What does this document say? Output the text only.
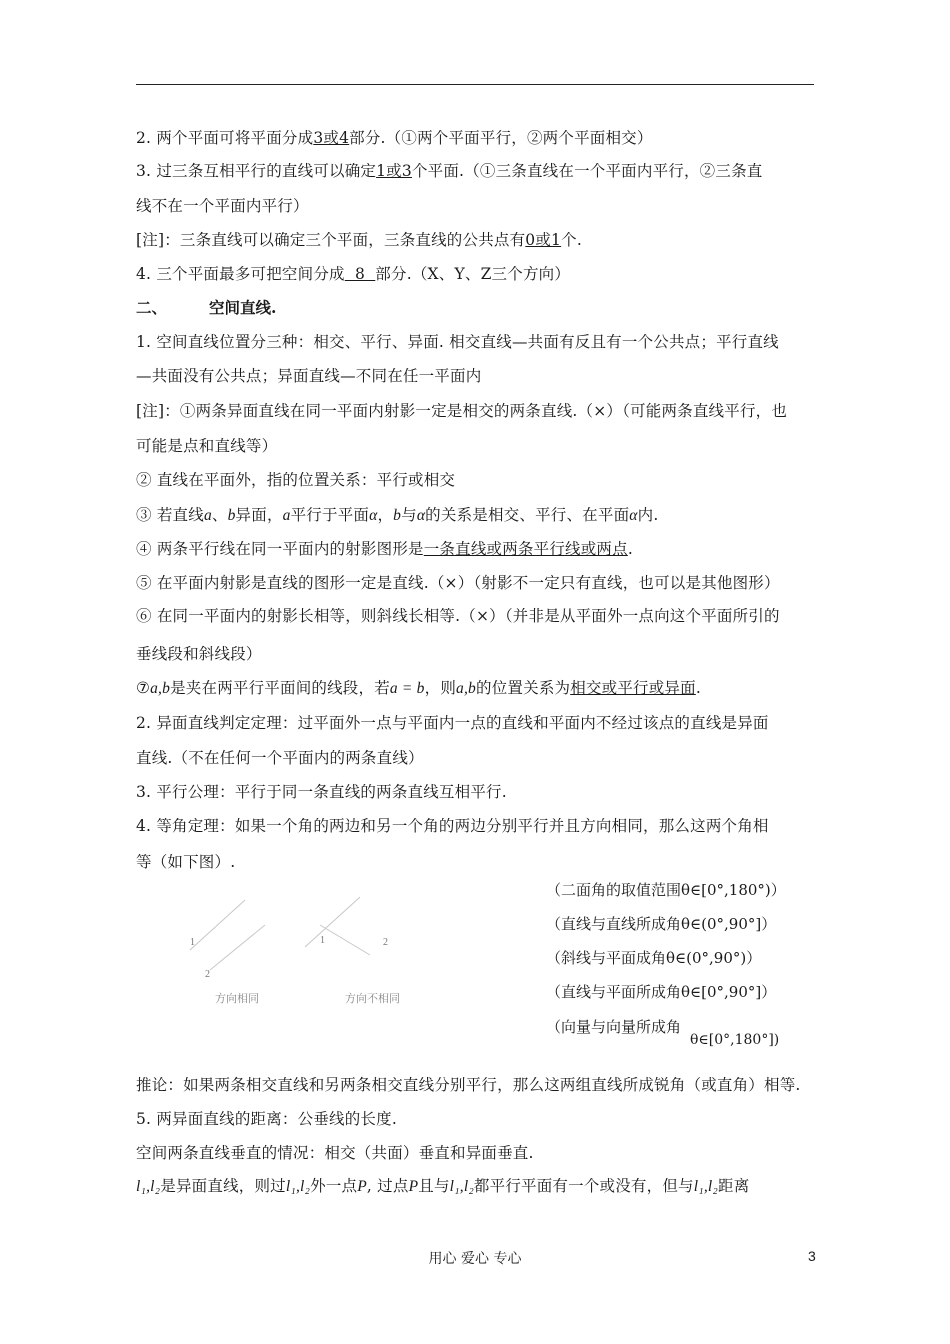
2. 两个平面可将平面分成3或4部分.（①两个平面平行，②两个平面相交）
3. 过三条互相平行的直线可以确定1或3个平面.（①三条直线在一个平面内平行，②三条直
线不在一个平面内平行）
[注]：三条直线可以确定三个平面，三条直线的公共点有0或1个.
4. 三个平面最多可把空间分成  8  部分.（X、Y、Z三个方向）
二、	空间直线.
1. 空间直线位置分三种：相交、平行、异面. 相交直线—共面有反且有一个公共点；平行直线
—共面没有公共点；异面直线—不同在任一平面内
[注]：①两条异面直线在同一平面内射影一定是相交的两条直线.（×）（可能两条直线平行，也
可能是点和直线等）
② 直线在平面外，指的位置关系：平行或相交
③ 若直线a、b异面，a平行于平面α，b与α的关系是相交、平行、在平面α内.
④ 两条平行线在同一平面内的射影图形是一条直线或两条平行线或两点.
⑤ 在平面内射影是直线的图形一定是直线.（×）（射影不一定只有直线，也可以是其他图形）
⑥ 在同一平面内的射影长相等，则斜线长相等.（×）（并非是从平面外一点向这个平面所引的
垂线段和斜线段）
⑦a,b是夹在两平行平面间的线段，若a = b，则a,b的位置关系为相交或平行或异面.
2. 异面直线判定定理：过平面外一点与平面内一点的直线和平面内不经过该点的直线是异面
直线.（不在任何一个平面内的两条直线）
3. 平行公理：平行于同一条直线的两条直线互相平行.
4. 等角定理：如果一个角的两边和另一个角的两边分别平行并且方向相同，那么这两个角相
等（如下图）.
1
2
1	2
方向相同	方向不相同
（二面角的取值范围θ∈[0°,180°)）
（直线与直线所成角θ∈(0°,90°]）
（斜线与平面成角θ∈(0°,90°)）
（直线与平面所成角θ∈[0°,90°]）
（向量与向量所成角
θ∈[0°,180°])
推论：如果两条相交直线和另两条相交直线分别平行，那么这两组直线所成锐角（或直角）相等.
5. 两异面直线的距离：公垂线的长度.
空间两条直线垂直的情况：相交（共面）垂直和异面垂直.
l₁,l₂是异面直线，则过l₁,l₂外一点P, 过点P且与l₁,l₂都平行平面有一个或没有，但与l₁,l₂距离
用心 爱心 专心	3
